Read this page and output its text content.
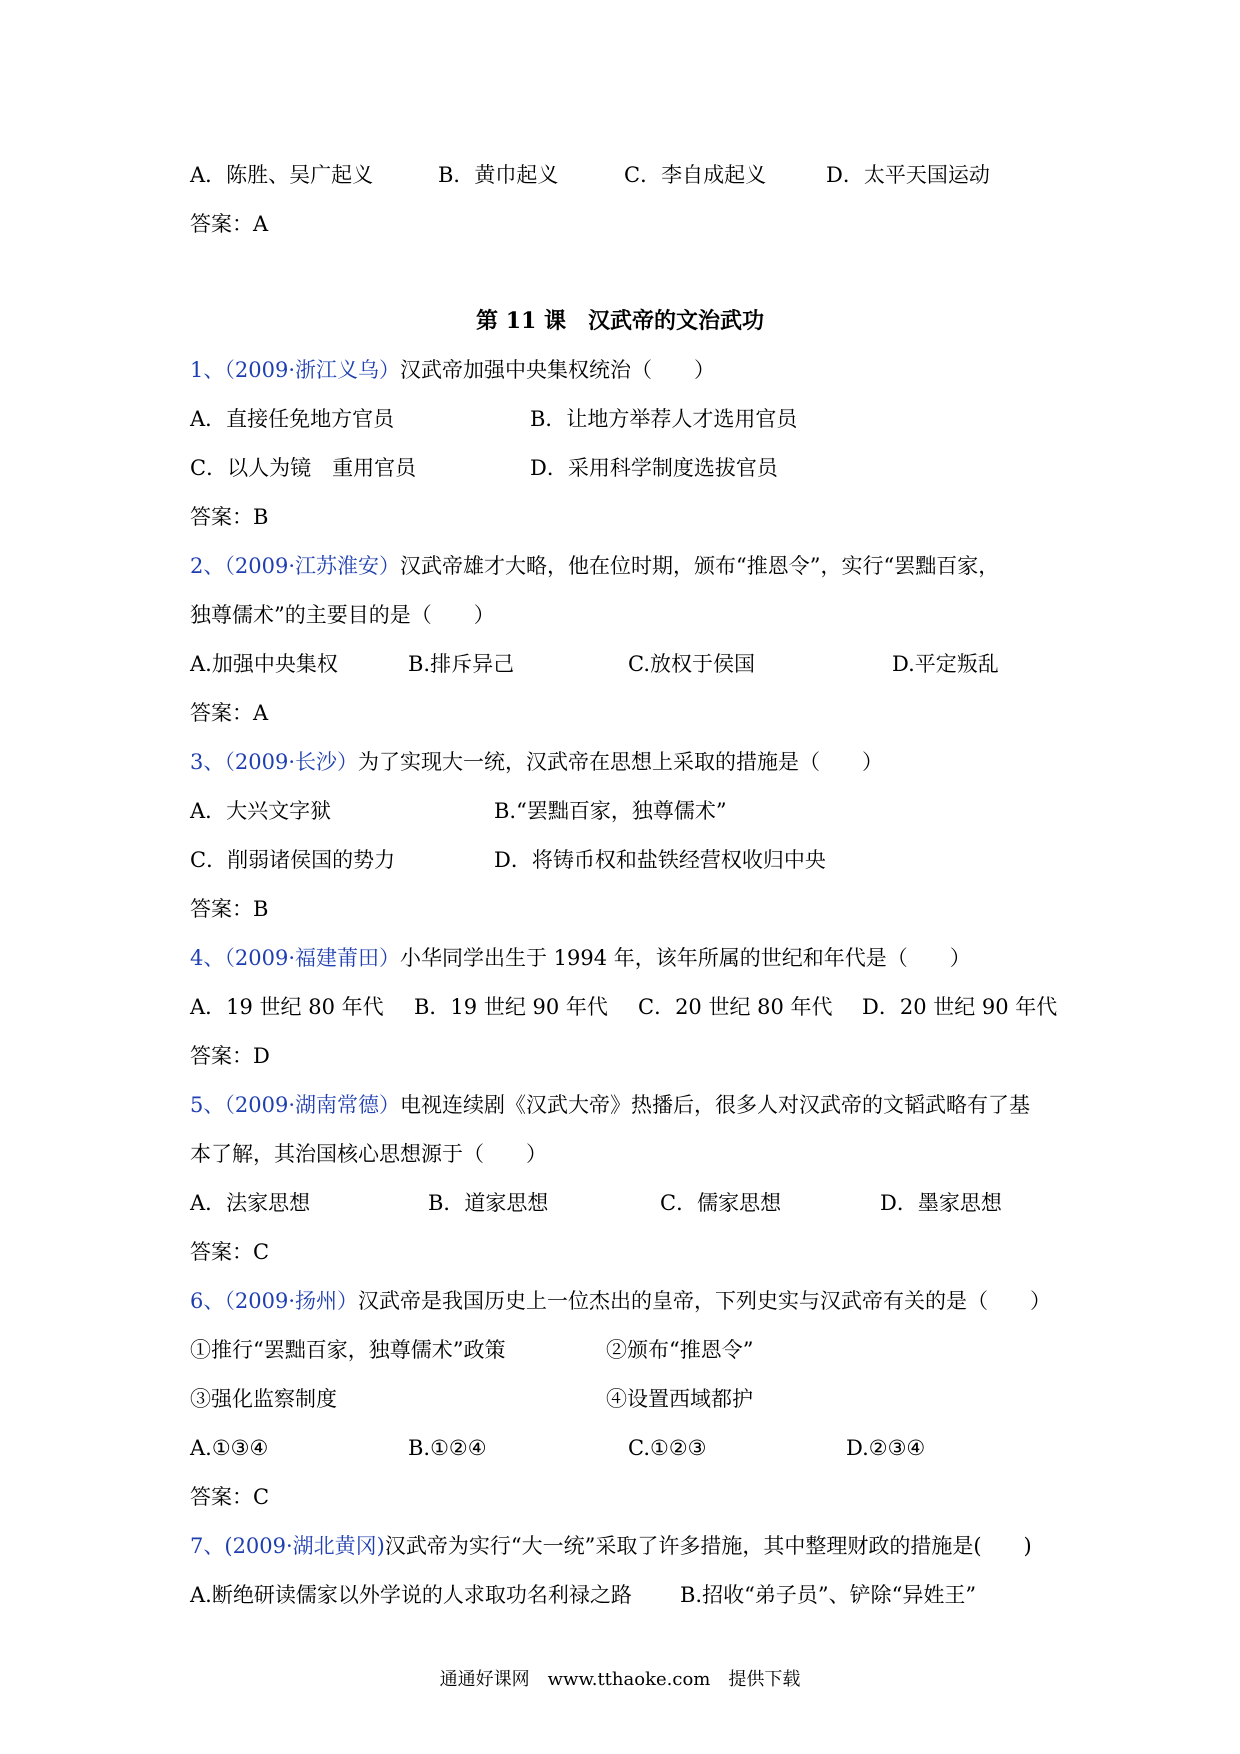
A．陈胜、吴广起义	B．黄巾起义	C．李自成起义	D．太平天国运动
答案：A
第 11 课　汉武帝的文治武功
1、（2009·浙江义乌）汉武帝加强中央集权统治（　　）
A．直接任免地方官员	B．让地方举荐人才选用官员
C．以人为镜　重用官员	D．采用科学制度选拔官员
答案：B
2、（2009·江苏淮安）汉武帝雄才大略，他在位时期，颁布“推恩令”，实行“罢黜百家，
独尊儒术”的主要目的是（　　）
A.加强中央集权	B.排斥异己	C.放权于侯国	D.平定叛乱
答案：A
3、（2009·长沙）为了实现大一统，汉武帝在思想上采取的措施是（　　）
A．大兴文字狱	B.“罢黜百家，独尊儒术”
C．削弱诸侯国的势力	D．将铸币权和盐铁经营权收归中央
答案：B
4、（2009·福建莆田）小华同学出生于 1994 年，该年所属的世纪和年代是（　　）
A．19 世纪 80 年代 B．19 世纪 90 年代 C．20 世纪 80 年代 D．20 世纪 90 年代
答案：D
5、（2009·湖南常德）电视连续剧《汉武大帝》热播后，很多人对汉武帝的文韬武略有了基
本了解，其治国核心思想源于（　　）
A．法家思想	B．道家思想	C．儒家思想	D．墨家思想
答案：C
6、（2009·扬州）汉武帝是我国历史上一位杰出的皇帝，下列史实与汉武帝有关的是（　　）
①推行“罢黜百家，独尊儒术”政策	②颁布“推恩令”
③强化监察制度	④设置西域都护
A.①③④	B.①②④	C.①②③	D.②③④
答案：C
7、(2009·湖北黄冈)汉武帝为实行“大一统”采取了许多措施，其中整理财政的措施是(　　)
A.断绝研读儒家以外学说的人求取功名利禄之路 B.招收“弟子员”、铲除“异姓王”
通通好课网　www.tthaoke.com　提供下载
